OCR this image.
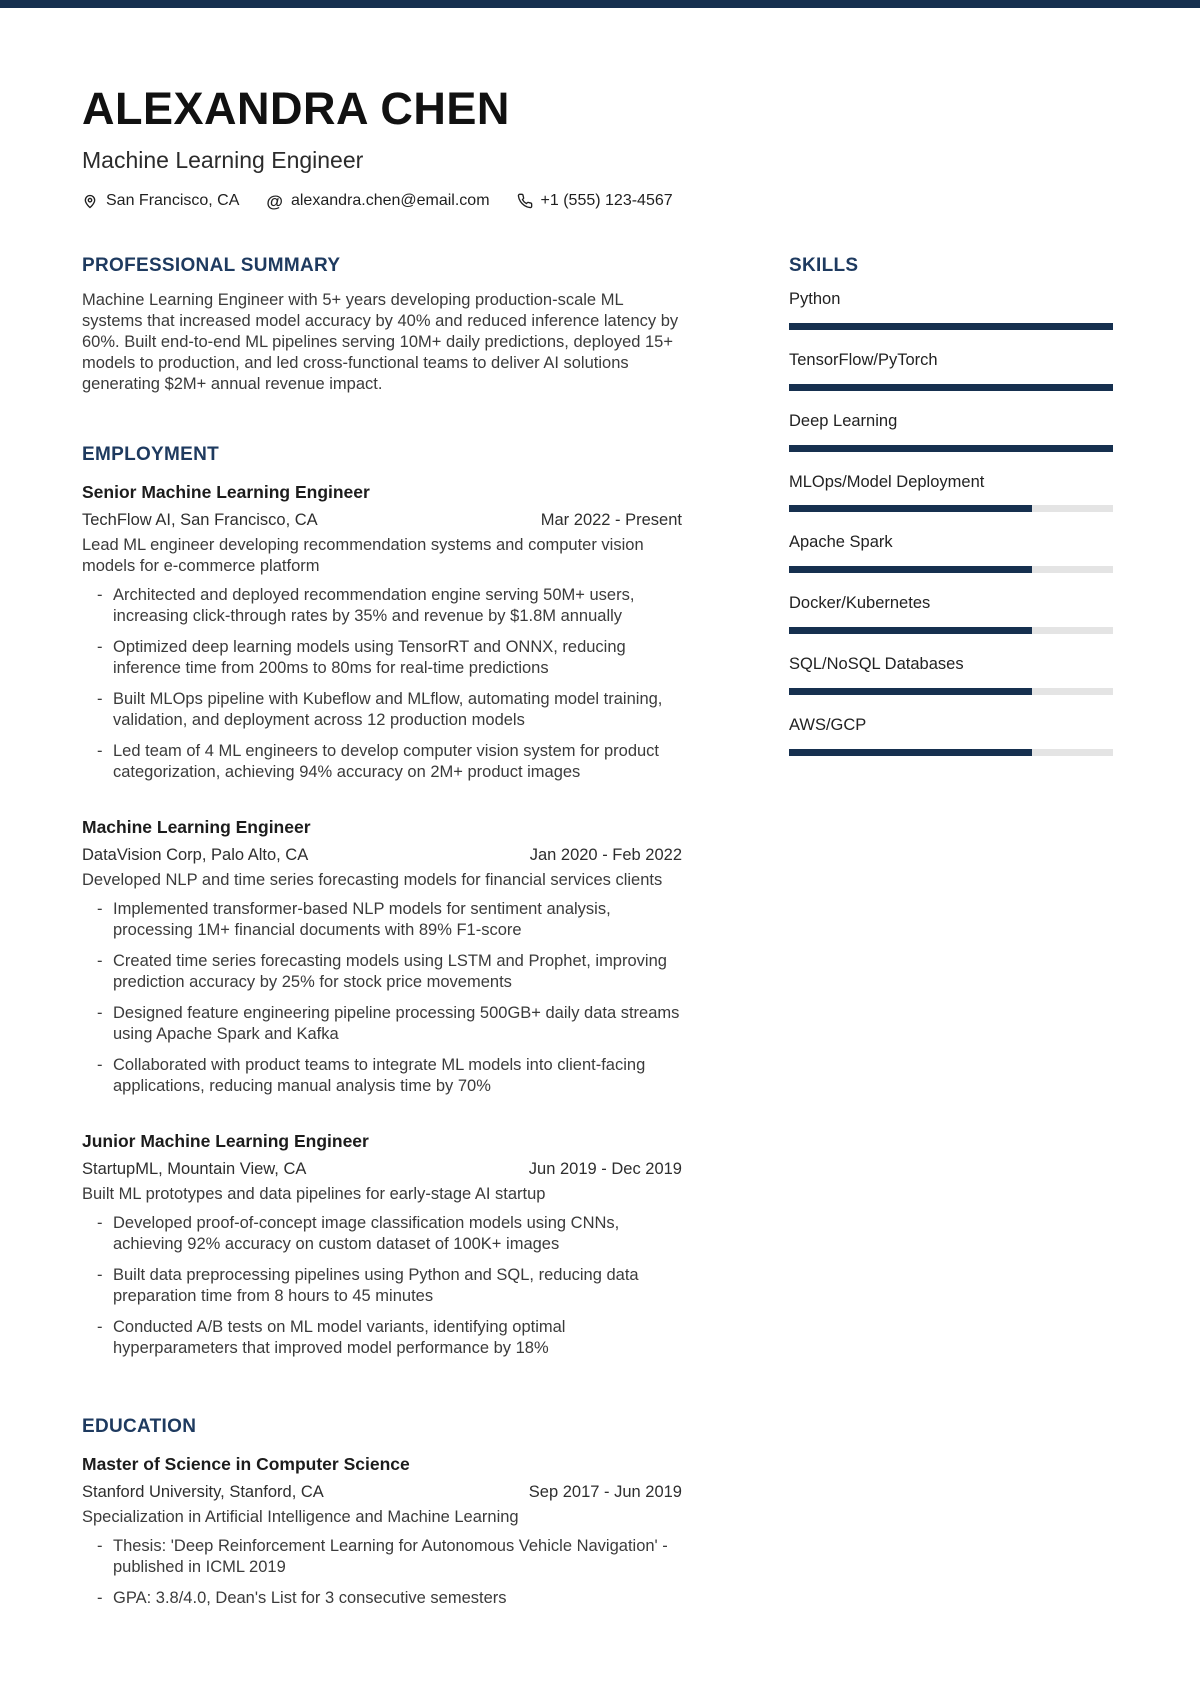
ALEXANDRA CHEN
Machine Learning Engineer
San Francisco, CA @ alexandra.chen@email.com	+1 (555) 123-4567
PROFESSIONAL SUMMARY

Machine Learning Engineer with 5+ years developing production-scale ML systems that increased model accuracy by 40% and reduced inference latency by 60%. Built end-to-end ML pipelines serving 10M+ daily predictions, deployed 15+ models to production, and led cross-functional teams to deliver AI solutions generating $2M+ annual revenue impact.

EMPLOYMENT
Senior Machine Learning Engineer
TechFlow AI, San Francisco, CA	Mar 2022 - Present

Lead ML engineer developing recommendation systems and computer vision models for e-commerce platform

- Architected and deployed recommendation engine serving 50M+ users, increasing click-through rates by 35% and revenue by $1.8M annually
- Optimized deep learning models using TensorRT and ONNX, reducing inference time from 200ms to 80ms for real-time predictions
- Built MLOps pipeline with Kubeflow and MLflow, automating model training, validation, and deployment across 12 production models
- Led team of 4 ML engineers to develop computer vision system for product categorization, achieving 94% accuracy on 2M+ product images
Machine Learning Engineer
DataVision Corp, Palo Alto, CA	Jan 2020 - Feb 2022

Developed NLP and time series forecasting models for financial services clients

- Implemented transformer-based NLP models for sentiment analysis, processing 1M+ financial documents with 89% F1-score
- Created time series forecasting models using LSTM and Prophet, improving prediction accuracy by 25% for stock price movements
- Designed feature engineering pipeline processing 500GB+ daily data streams using Apache Spark and Kafka
- Collaborated with product teams to integrate ML models into client-facing applications, reducing manual analysis time by 70%
Junior Machine Learning Engineer
StartupML, Mountain View, CA	Jun 2019 - Dec 2019

Built ML prototypes and data pipelines for early-stage AI startup

- Developed proof-of-concept image classification models using CNNs, achieving 92% accuracy on custom dataset of 100K+ images
- Built data preprocessing pipelines using Python and SQL, reducing data preparation time from 8 hours to 45 minutes
- Conducted A/B tests on ML model variants, identifying optimal hyperparameters that improved model performance by 18%
EDUCATION
Master of Science in Computer Science
Stanford University, Stanford, CA	Sep 2017 - Jun 2019

Specialization in Artificial Intelligence and Machine Learning

- Thesis: 'Deep Reinforcement Learning for Autonomous Vehicle Navigation' - published in ICML 2019
- GPA: 3.8/4.0, Dean's List for 3 consecutive semesters
SKILLS
Python
TensorFlow/PyTorch
Deep Learning
MLOps/Model Deployment
Apache Spark
Docker/Kubernetes
SQL/NoSQL Databases
AWS/GCP
